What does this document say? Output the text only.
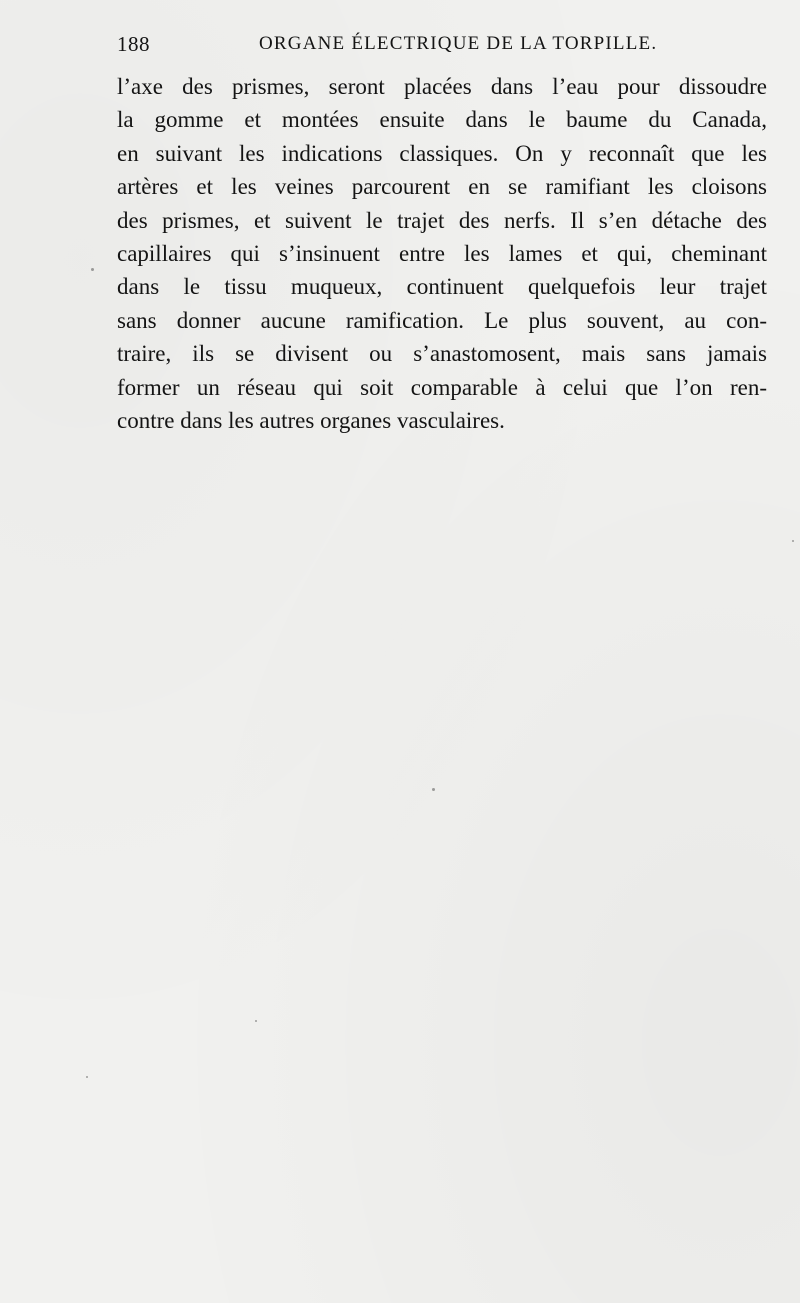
188	ORGANE ÉLECTRIQUE DE LA TORPILLE.
l’axe des prismes, seront placées dans l’eau pour dissoudre
la gomme et montées ensuite dans le baume du Canada,
en suivant les indications classiques. On y reconnaît que les
artères et les veines parcourent en se ramifiant les cloisons
des prismes, et suivent le trajet des nerfs. Il s’en détache des
capillaires qui s’insinuent entre les lames et qui, cheminant
dans le tissu muqueux, continuent quelquefois leur trajet
sans donner aucune ramification. Le plus souvent, au con-
traire, ils se divisent ou s’anastomosent, mais sans jamais
former un réseau qui soit comparable à celui que l’on ren-
contre dans les autres organes vasculaires.
